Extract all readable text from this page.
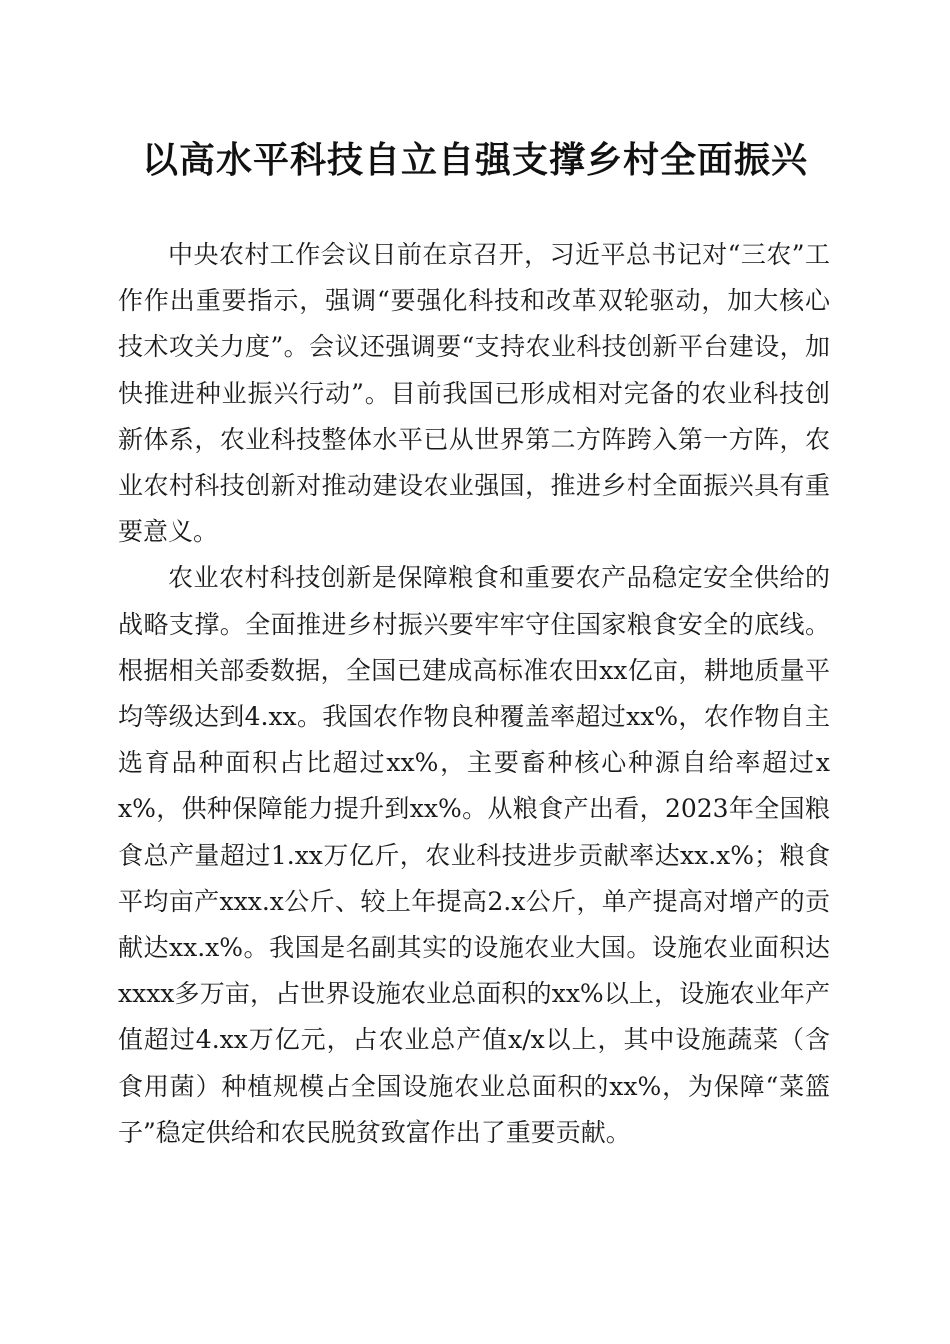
以高水平科技自立自强支撑乡村全面振兴

中央农村工作会议日前在京召开，习近平总书记对“三农”工作作出重要指示，强调“要强化科技和改革双轮驱动，加大核心技术攻关力度”。会议还强调要“支持农业科技创新平台建设，加快推进种业振兴行动”。目前我国已形成相对完备的农业科技创新体系，农业科技整体水平已从世界第二方阵跨入第一方阵，农业农村科技创新对推动建设农业强国，推进乡村全面振兴具有重要意义。

农业农村科技创新是保障粮食和重要农产品稳定安全供给的战略支撑。全面推进乡村振兴要牢牢守住国家粮食安全的底线。根据相关部委数据，全国已建成高标准农田xx亿亩，耕地质量平均等级达到4.xx。我国农作物良种覆盖率超过xx%，农作物自主选育品种面积占比超过xx%，主要畜种核心种源自给率超过xx%，供种保障能力提升到xx%。从粮食产出看，2023年全国粮食总产量超过1.xx万亿斤，农业科技进步贡献率达xx.x%；粮食平均亩产xxx.x公斤、较上年提高2.x公斤，单产提高对增产的贡献达xx.x%。我国是名副其实的设施农业大国。设施农业面积达xxxx多万亩，占世界设施农业总面积的xx%以上，设施农业年产值超过4.xx万亿元，占农业总产值x/x以上，其中设施蔬菜（含食用菌）种植规模占全国设施农业总面积的xx%，为保障“菜篮子”稳定供给和农民脱贫致富作出了重要贡献。
